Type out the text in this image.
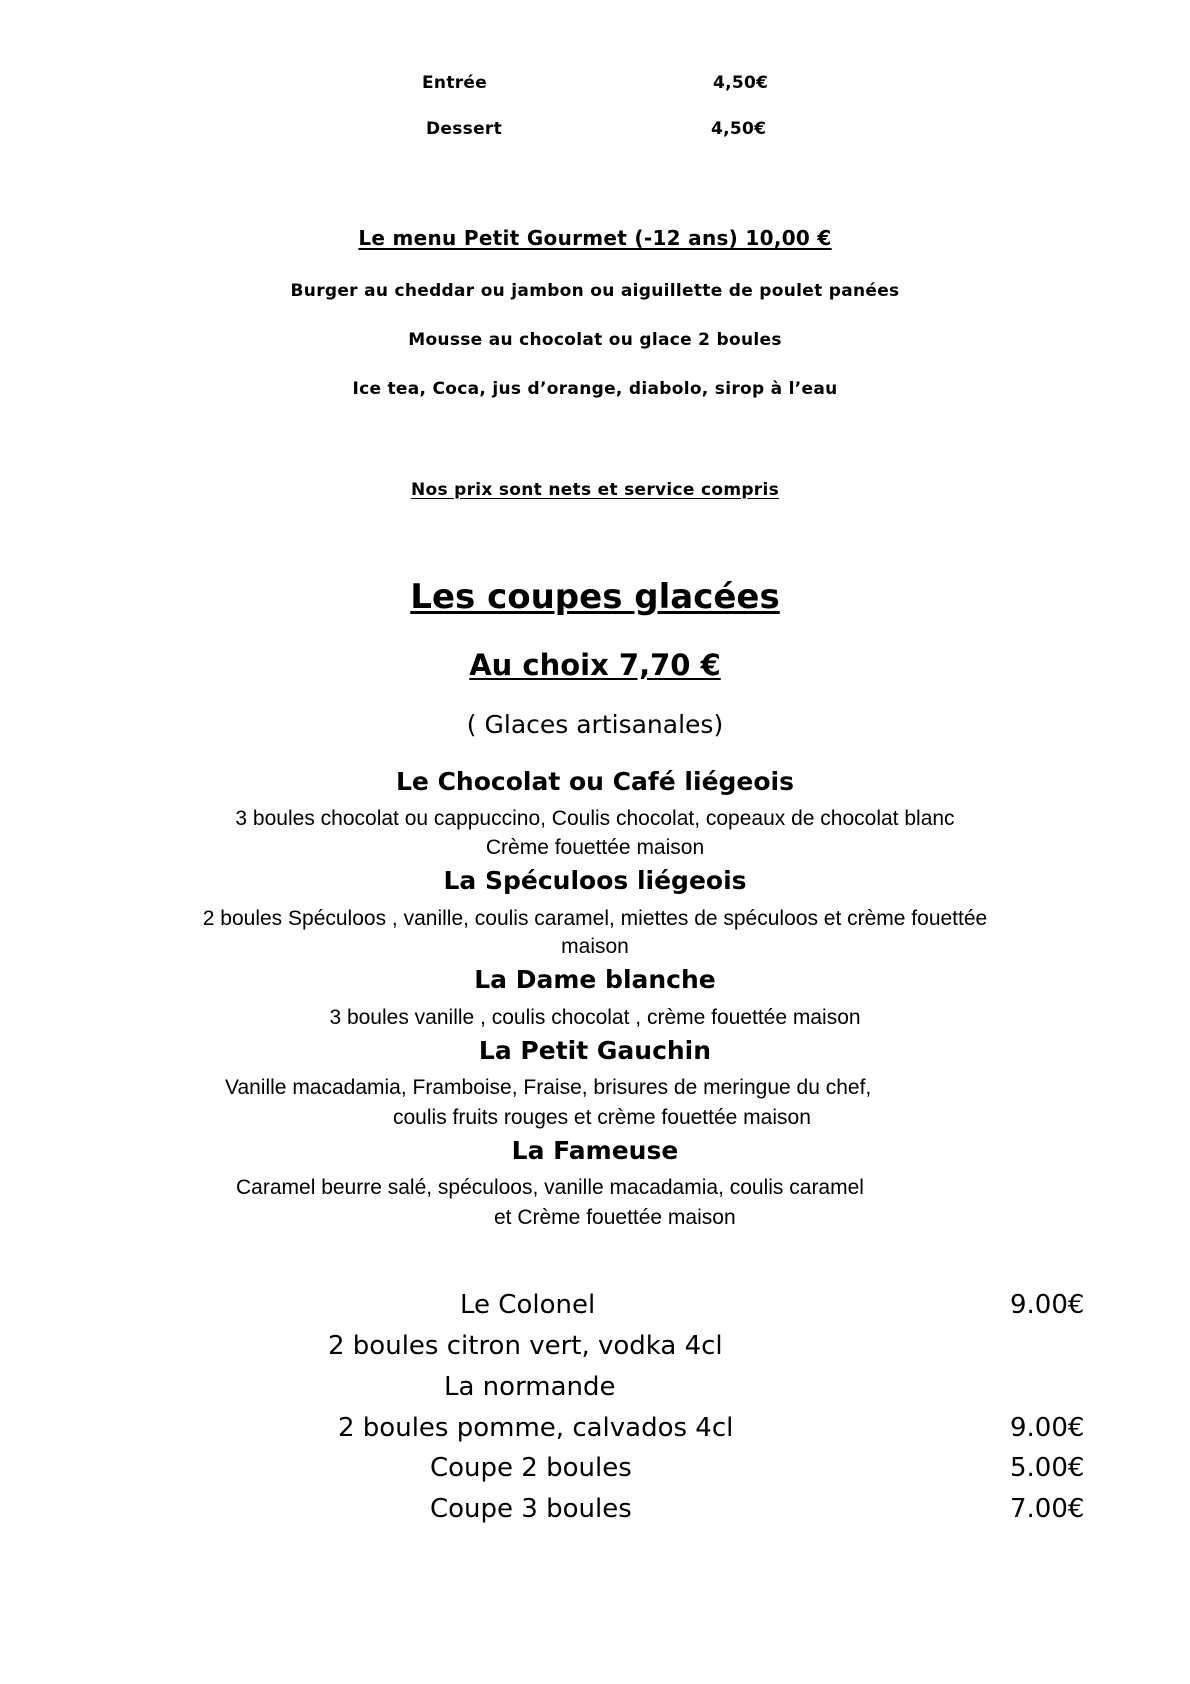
Entrée	4,50€
Dessert	4,50€
Le menu Petit Gourmet (-12 ans) 10,00 €
Burger au cheddar ou jambon ou aiguillette de poulet panées
Mousse au chocolat ou glace 2 boules
Ice tea, Coca, jus d’orange, diabolo, sirop à l’eau
Nos prix sont nets et service compris
Les coupes glacées
Au choix 7,70 €
( Glaces artisanales)
Le Chocolat ou Café liégeois
3 boules chocolat ou cappuccino, Coulis chocolat, copeaux de chocolat blanc
Crème fouettée maison
La Spéculoos liégeois
2 boules Spéculoos , vanille, coulis caramel, miettes de spéculoos et crème fouettée
maison
La Dame blanche
3 boules vanille , coulis chocolat , crème fouettée maison
La Petit Gauchin
Vanille macadamia, Framboise, Fraise, brisures de meringue du chef,
coulis fruits rouges et crème fouettée maison
La Fameuse
Caramel beurre salé, spéculoos, vanille macadamia, coulis caramel
et Crème fouettée maison
Le Colonel	9.00€
2 boules citron vert, vodka 4cl
La normande
2 boules pomme, calvados 4cl	9.00€
Coupe 2 boules	5.00€
Coupe 3 boules	7.00€
